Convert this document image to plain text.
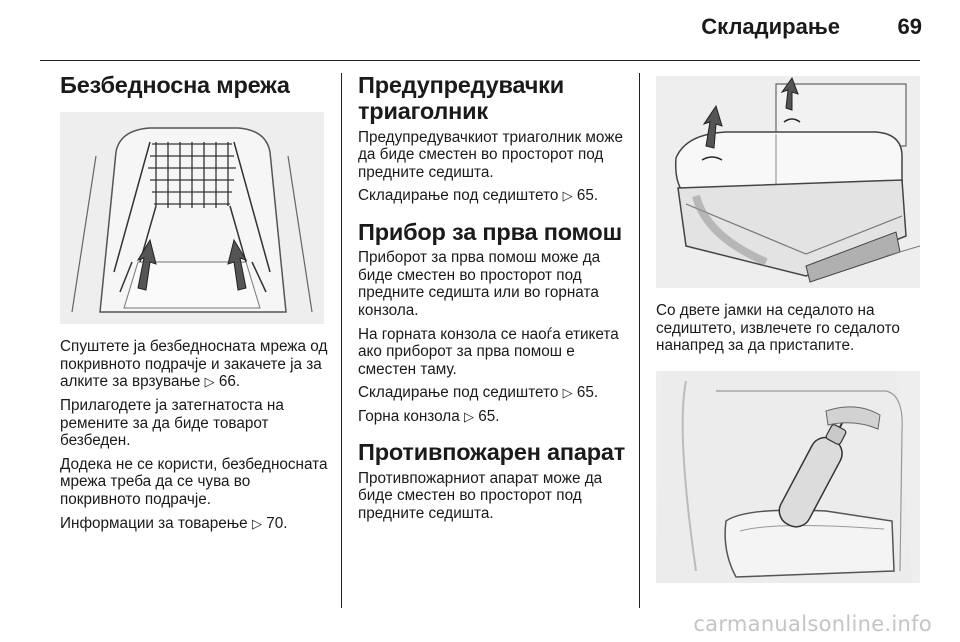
Складирање	69
Безбедносна мрежа

Спуштете ја безбедносната мрежа од покривното подрачје и закачете ја за алките за врзување ▷ 66.

Прилагодете ја затегнатоста на ремените за да биде товарот безбеден.

Додека не се користи, безбедносната мрежа треба да се чува во покривното подрачје.

Информации за товарење ▷ 70.

Предупредувачки триаголник

Предупредувачкиот триаголник може да биде сместен во просторот под предните седишта.

Складирање под седиштето ▷ 65.

Прибор за прва помош

Приборот за прва помош може да биде сместен во просторот под предните седишта или во горната конзола.

На горната конзола се наоѓа етикета ако приборот за прва помош е сместен таму.

Складирање под седиштето ▷ 65.

Горна конзола ▷ 65.

Противпожарен апарат

Противпожарниот апарат може да биде сместен во просторот под предните седишта.

Со двете јамки на седалото на седиштето, извлечете го седалото нанапред за да пристапите.

carmanualsonline.info
